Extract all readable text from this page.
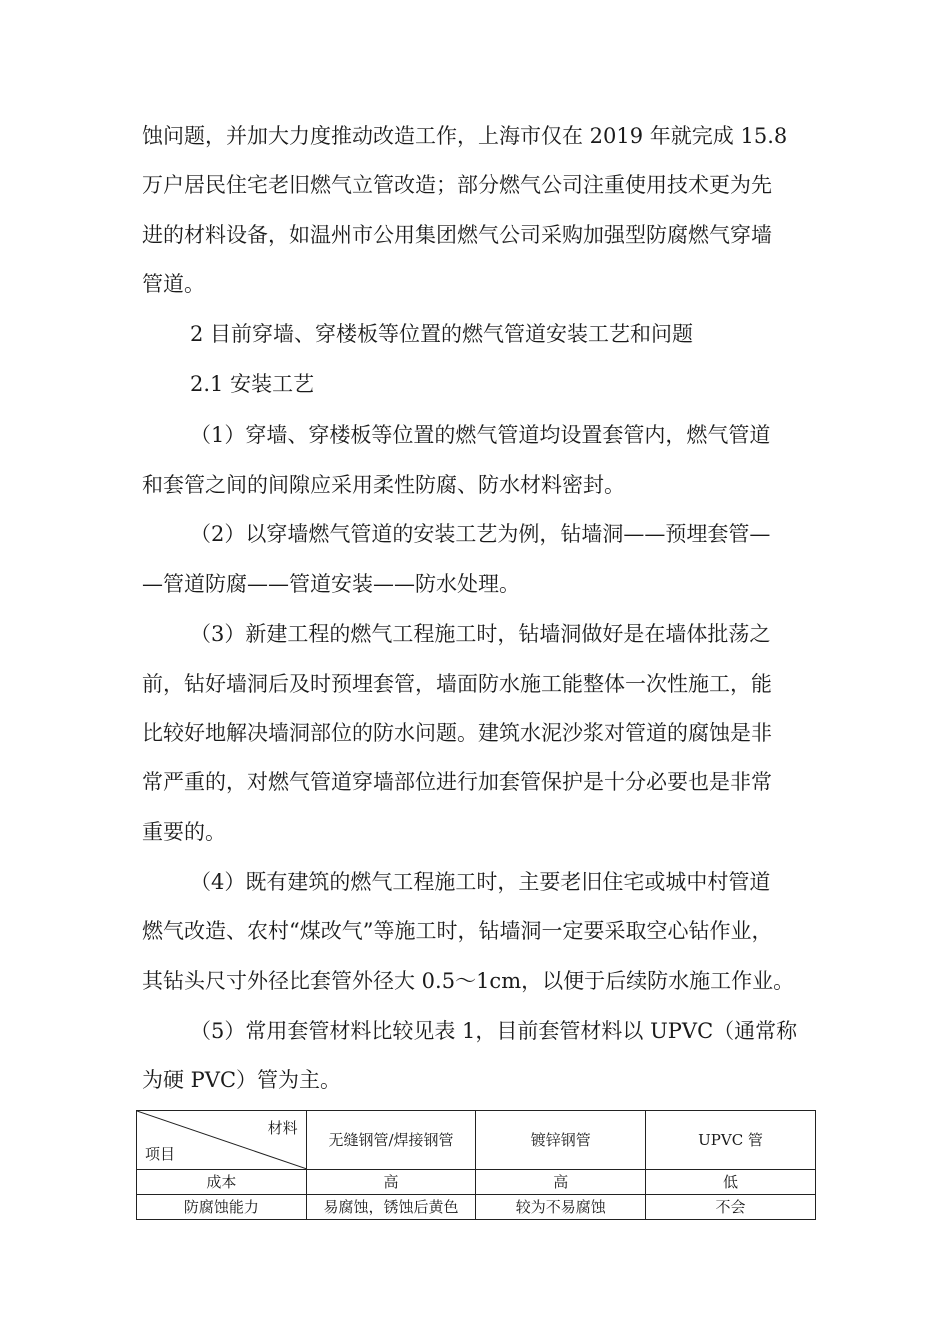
蚀问题，并加大力度推动改造工作，上海市仅在 2019 年就完成 15.8
万户居民住宅老旧燃气立管改造；部分燃气公司注重使用技术更为先
进的材料设备，如温州市公用集团燃气公司采购加强型防腐燃气穿墙
管道。
2 目前穿墙、穿楼板等位置的燃气管道安装工艺和问题
2.1 安装工艺
（1）穿墙、穿楼板等位置的燃气管道均设置套管内，燃气管道
和套管之间的间隙应采用柔性防腐、防水材料密封。
（2）以穿墙燃气管道的安装工艺为例，钻墙洞——预埋套管—
—管道防腐——管道安装——防水处理。
（3）新建工程的燃气工程施工时，钻墙洞做好是在墙体批荡之
前，钻好墙洞后及时预埋套管，墙面防水施工能整体一次性施工，能
比较好地解决墙洞部位的防水问题。建筑水泥沙浆对管道的腐蚀是非
常严重的，对燃气管道穿墙部位进行加套管保护是十分必要也是非常
重要的。
（4）既有建筑的燃气工程施工时，主要老旧住宅或城中村管道
燃气改造、农村“煤改气”等施工时，钻墙洞一定要采取空心钻作业，
其钻头尺寸外径比套管外径大 0.5～1cm，以便于后续防水施工作业。
（5）常用套管材料比较见表 1，目前套管材料以 UPVC（通常称
为硬 PVC）管为主。
材料
项目	无缝钢管/焊接钢管	镀锌钢管	UPVC 管
成本	高	高	低
防腐蚀能力	易腐蚀，锈蚀后黄色	较为不易腐蚀	不会
